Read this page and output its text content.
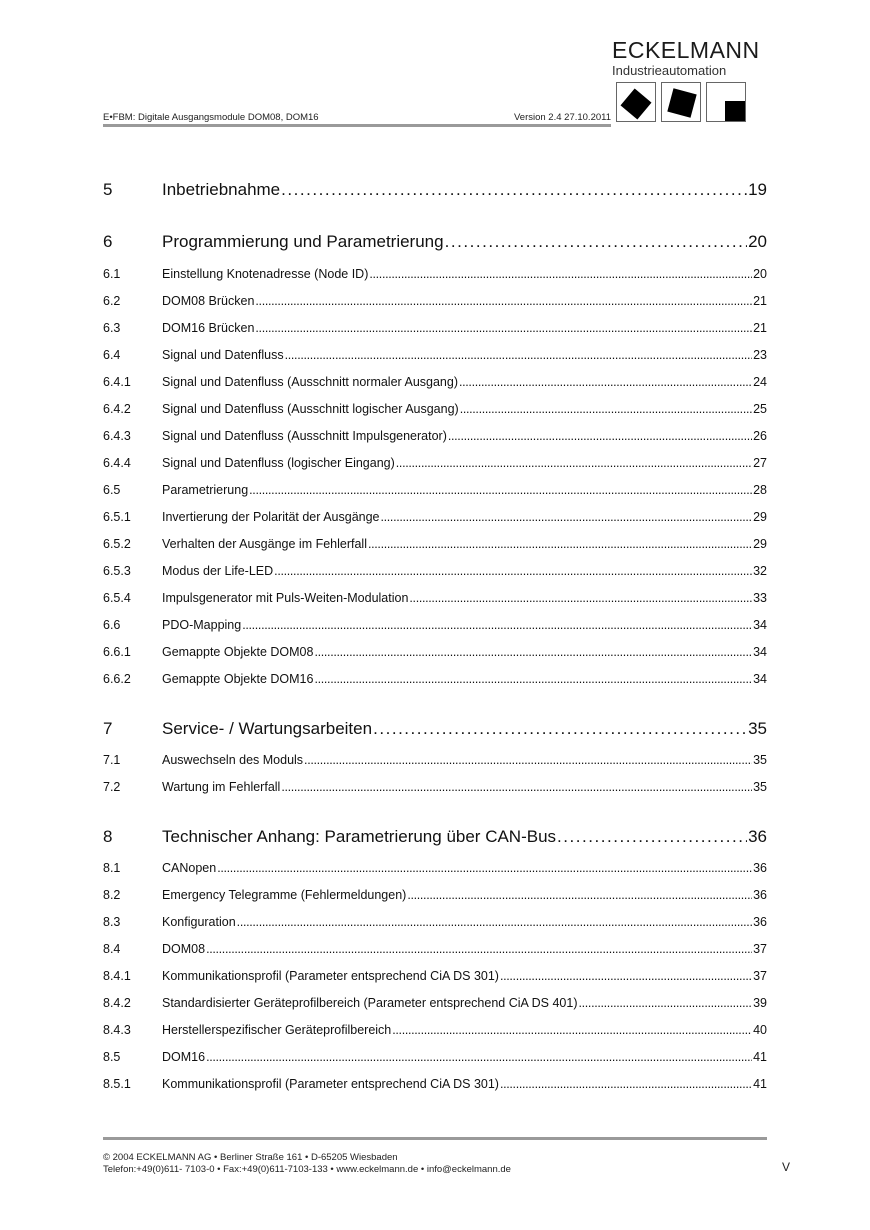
ECKELMANN
Industrieautomation
E•FBM: Digitale Ausgangsmodule DOM08, DOM16	Version 2.4 27.10.2011
5	Inbetriebnahme . . .	19
6	Programmierung und Parametrierung . . .	20
6.1	Einstellung Knotenadresse (Node ID) . . .	20
6.2	DOM08 Brücken . . .	21
6.3	DOM16 Brücken . . .	21
6.4	Signal und Datenfluss . . .	23
6.4.1	Signal und Datenfluss (Ausschnitt normaler Ausgang) . . .	24
6.4.2	Signal und Datenfluss (Ausschnitt logischer Ausgang) . . .	25
6.4.3	Signal und Datenfluss (Ausschnitt Impulsgenerator) . . .	26
6.4.4	Signal und Datenfluss (logischer Eingang) . . .	27
6.5	Parametrierung . . .	28
6.5.1	Invertierung der Polarität der Ausgänge . . .	29
6.5.2	Verhalten der Ausgänge im Fehlerfall . . .	29
6.5.3	Modus der Life-LED . . .	32
6.5.4	Impulsgenerator mit Puls-Weiten-Modulation . . .	33
6.6	PDO-Mapping . . .	34
6.6.1	Gemappte Objekte DOM08 . . .	34
6.6.2	Gemappte Objekte DOM16 . . .	34
7	Service- / Wartungsarbeiten . . .	35
7.1	Auswechseln des Moduls . . .	35
7.2	Wartung im Fehlerfall . . .	35
8	Technischer Anhang: Parametrierung über CAN-Bus . . .	36
8.1	CANopen . . .	36
8.2	Emergency Telegramme (Fehlermeldungen) . . .	36
8.3	Konfiguration . . .	36
8.4	DOM08 . . .	37
8.4.1	Kommunikationsprofil (Parameter entsprechend CiA DS 301) . . .	37
8.4.2	Standardisierter Geräteprofilbereich (Parameter entsprechend CiA DS 401) . . .	39
8.4.3	Herstellerspezifischer Geräteprofilbereich . . .	40
8.5	DOM16 . . .	41
8.5.1	Kommunikationsprofil (Parameter entsprechend CiA DS 301) . . .	41
© 2004 ECKELMANN AG • Berliner Straße 161 • D-65205 Wiesbaden
Telefon:+49(0)611- 7103-0 • Fax:+49(0)611-7103-133 • www.eckelmann.de • info@eckelmann.de	V
